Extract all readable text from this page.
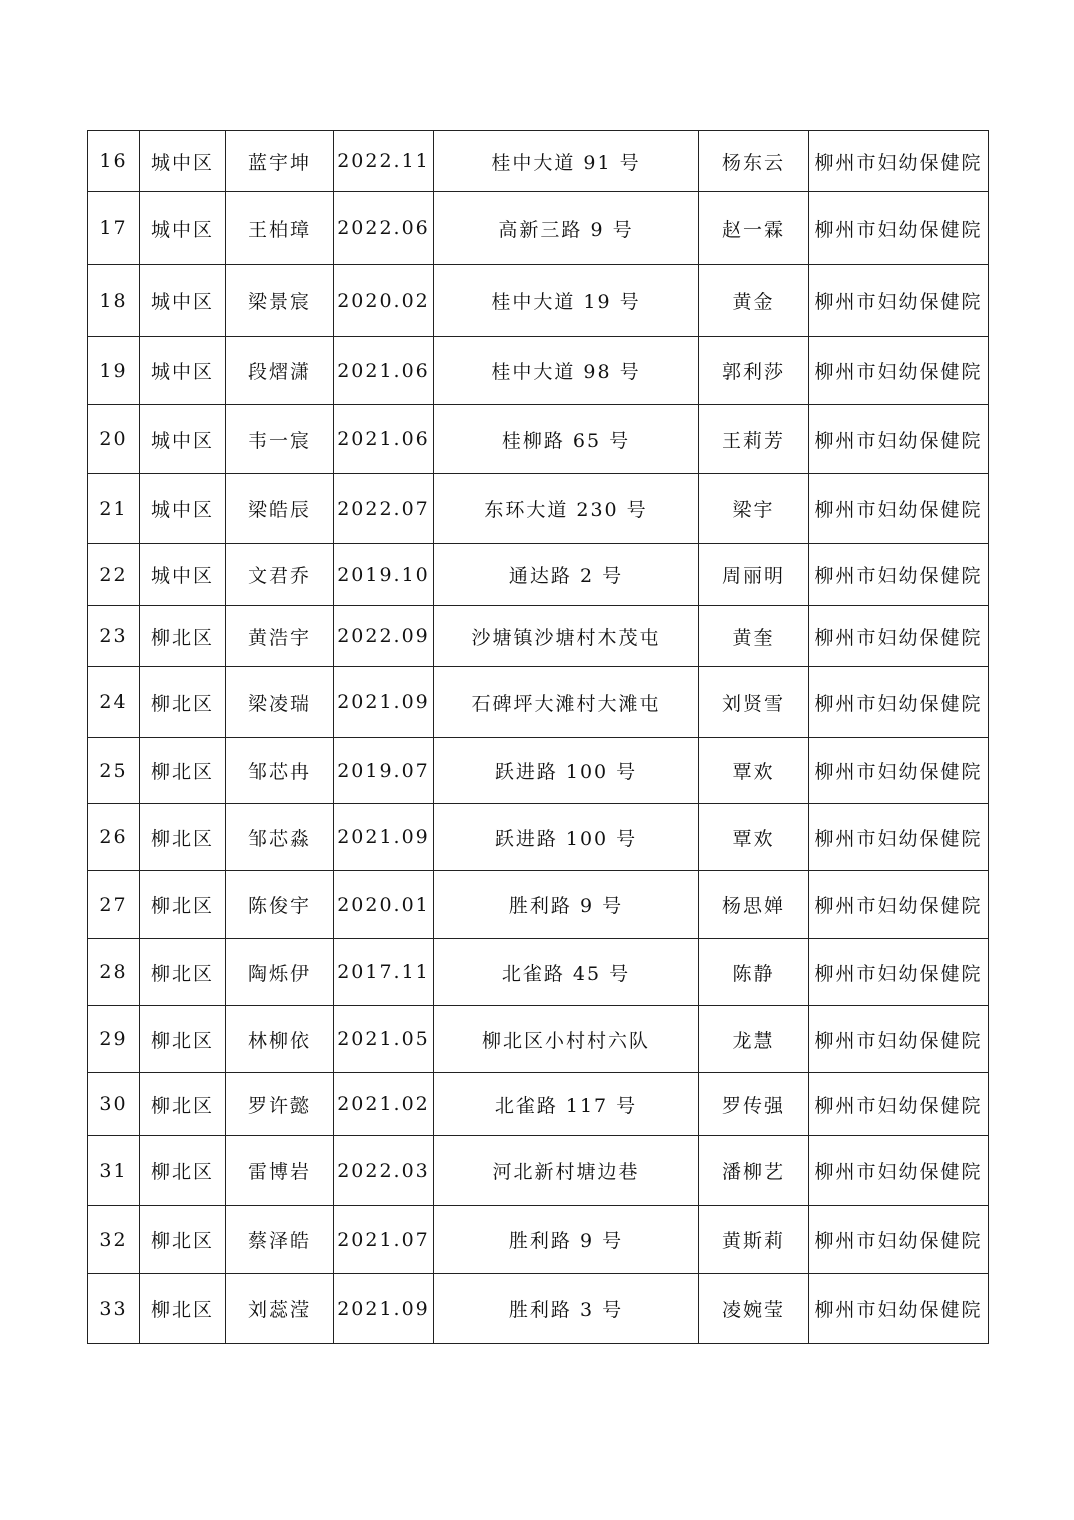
16	城中区	蓝宇坤	2022.11	桂中大道 91 号	杨东云	柳州市妇幼保健院
17	城中区	王柏璋	2022.06	高新三路 9 号	赵一霖	柳州市妇幼保健院
18	城中区	梁景宸	2020.02	桂中大道 19 号	黄金	柳州市妇幼保健院
19	城中区	段熠潇	2021.06	桂中大道 98 号	郭利莎	柳州市妇幼保健院
20	城中区	韦一宸	2021.06	桂柳路 65 号	王莉芳	柳州市妇幼保健院
21	城中区	梁皓辰	2022.07	东环大道 230 号	梁宇	柳州市妇幼保健院
22	城中区	文君乔	2019.10	通达路 2 号	周丽明	柳州市妇幼保健院
23	柳北区	黄浩宇	2022.09	沙塘镇沙塘村木茂屯	黄奎	柳州市妇幼保健院
24	柳北区	梁凌瑞	2021.09	石碑坪大滩村大滩屯	刘贤雪	柳州市妇幼保健院
25	柳北区	邹芯冉	2019.07	跃进路 100 号	覃欢	柳州市妇幼保健院
26	柳北区	邹芯淼	2021.09	跃进路 100 号	覃欢	柳州市妇幼保健院
27	柳北区	陈俊宇	2020.01	胜利路 9 号	杨思婵	柳州市妇幼保健院
28	柳北区	陶烁伊	2017.11	北雀路 45 号	陈静	柳州市妇幼保健院
29	柳北区	林柳依	2021.05	柳北区小村村六队	龙慧	柳州市妇幼保健院
30	柳北区	罗许懿	2021.02	北雀路 117 号	罗传强	柳州市妇幼保健院
31	柳北区	雷博岩	2022.03	河北新村塘边巷	潘柳艺	柳州市妇幼保健院
32	柳北区	蔡泽皓	2021.07	胜利路 9 号	黄斯莉	柳州市妇幼保健院
33	柳北区	刘蕊滢	2021.09	胜利路 3 号	凌婉莹	柳州市妇幼保健院
